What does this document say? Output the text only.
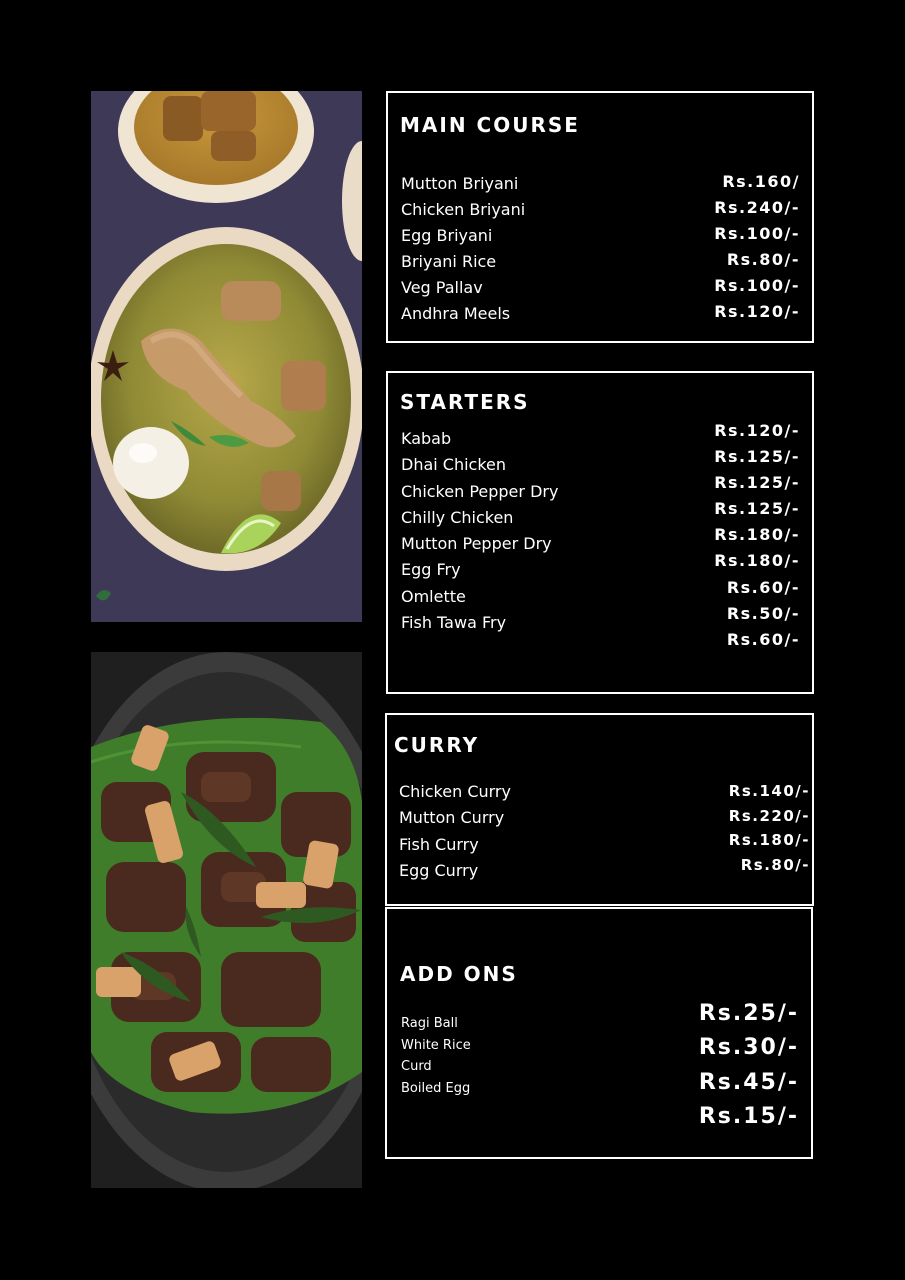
MAIN COURSE
Mutton Briyani
Chicken Briyani
Egg Briyani
Briyani Rice
Veg Pallav
Andhra Meels
Rs.160/
Rs.240/-
Rs.100/-
Rs.80/-
Rs.100/-
Rs.120/-
STARTERS
Kabab
Dhai Chicken
Chicken Pepper Dry
Chilly Chicken
Mutton Pepper Dry
Egg Fry
Omlette
Fish Tawa Fry
Rs.120/-
Rs.125/-
Rs.125/-
Rs.125/-
Rs.180/-
Rs.180/-
Rs.60/-
Rs.50/-
Rs.60/-
CURRY
Chicken Curry
Mutton Curry
Fish Curry
Egg Curry
Rs.140/-
Rs.220/-
Rs.180/-
Rs.80/-
ADD ONS
Ragi Ball
White Rice
Curd
Boiled Egg
Rs.25/-
Rs.30/-
Rs.45/-
Rs.15/-
